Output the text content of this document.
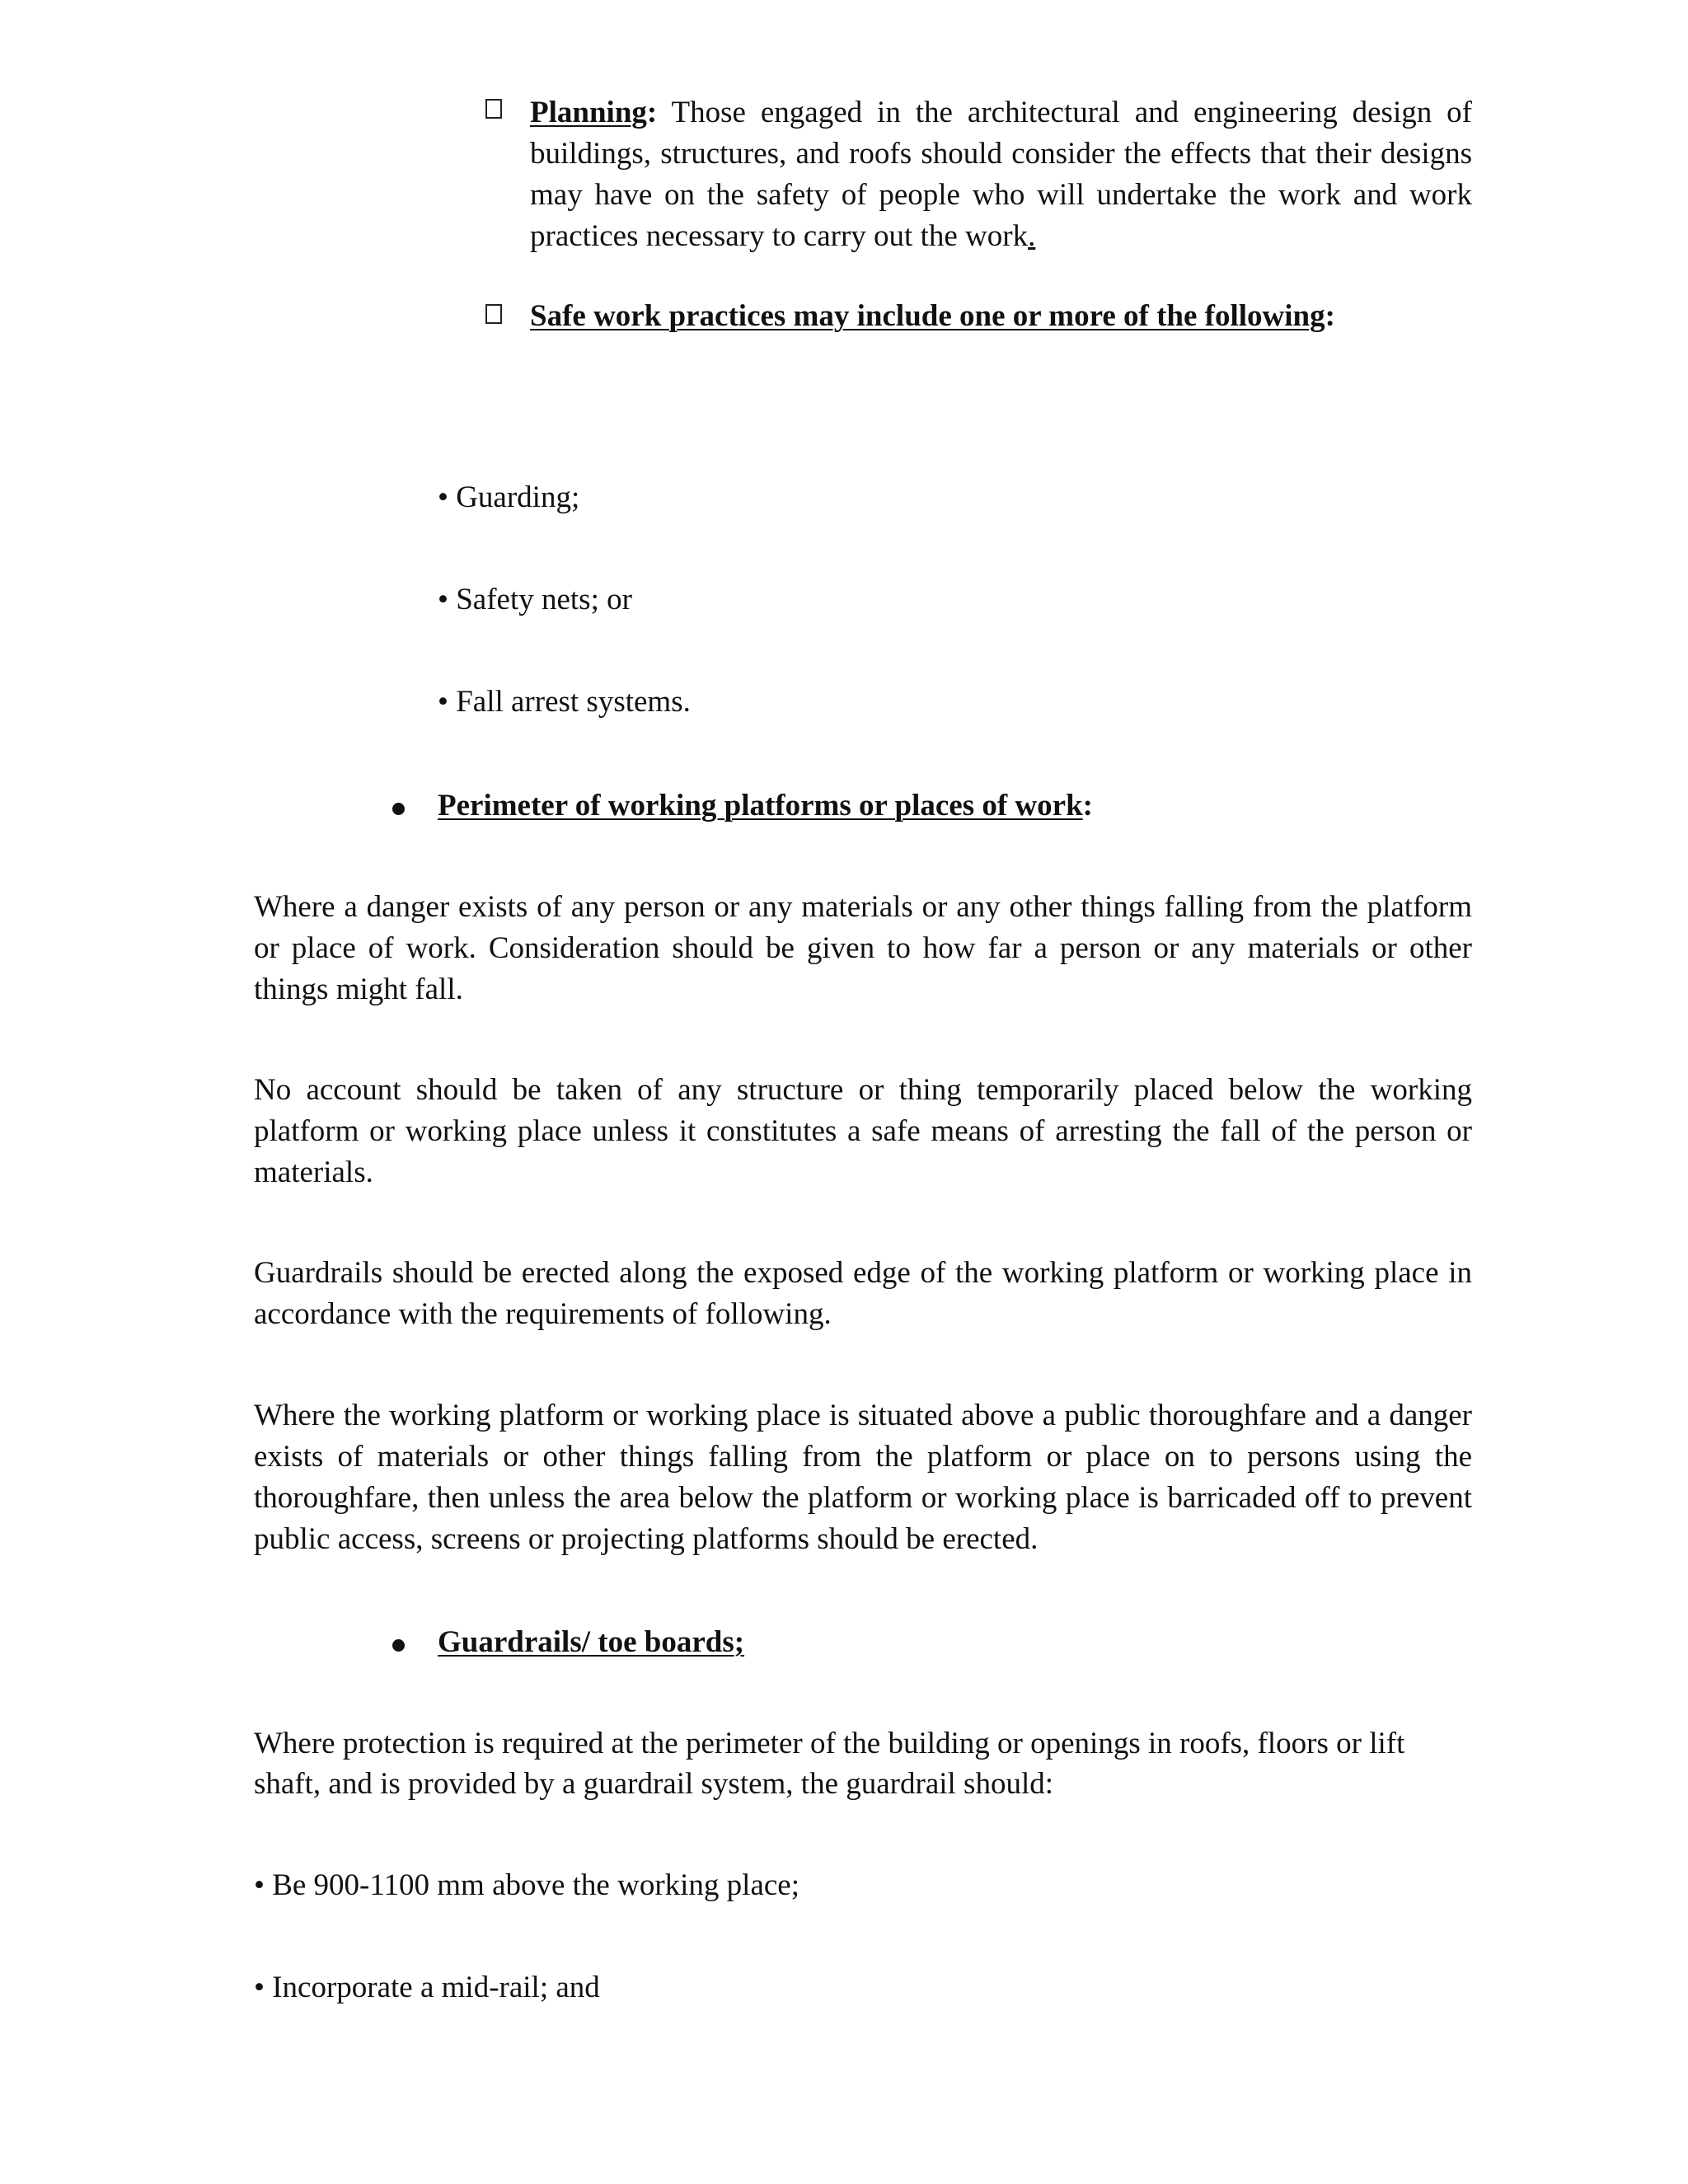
Planning: Those engaged in the architectural and engineering design of buildings, structures, and roofs should consider the effects that their designs may have on the safety of people who will undertake the work and work practices necessary to carry out the work.

Safe work practices may include one or more of the following:

• Guarding;

• Safety nets; or

• Fall arrest systems.

Perimeter of working platforms or places of work:

Where a danger exists of any person or any materials or any other things falling from the platform or place of work. Consideration should be given to how far a person or any materials or other things might fall.

No account should be taken of any structure or thing temporarily placed below the working platform or working place unless it constitutes a safe means of arresting the fall of the person or materials.

Guardrails should be erected along the exposed edge of the working platform or working place in accordance with the requirements of following.

Where the working platform or working place is situated above a public thoroughfare and a danger exists of materials or other things falling from the platform or place on to persons using the thoroughfare, then unless the area below the platform or working place is barricaded off to prevent public access, screens or projecting platforms should be erected.

Guardrails/ toe boards;

Where protection is required at the perimeter of the building or openings in roofs, floors or lift

shaft, and is provided by a guardrail system, the guardrail should:

• Be 900-1100 mm above the working place;

• Incorporate a mid-rail; and
